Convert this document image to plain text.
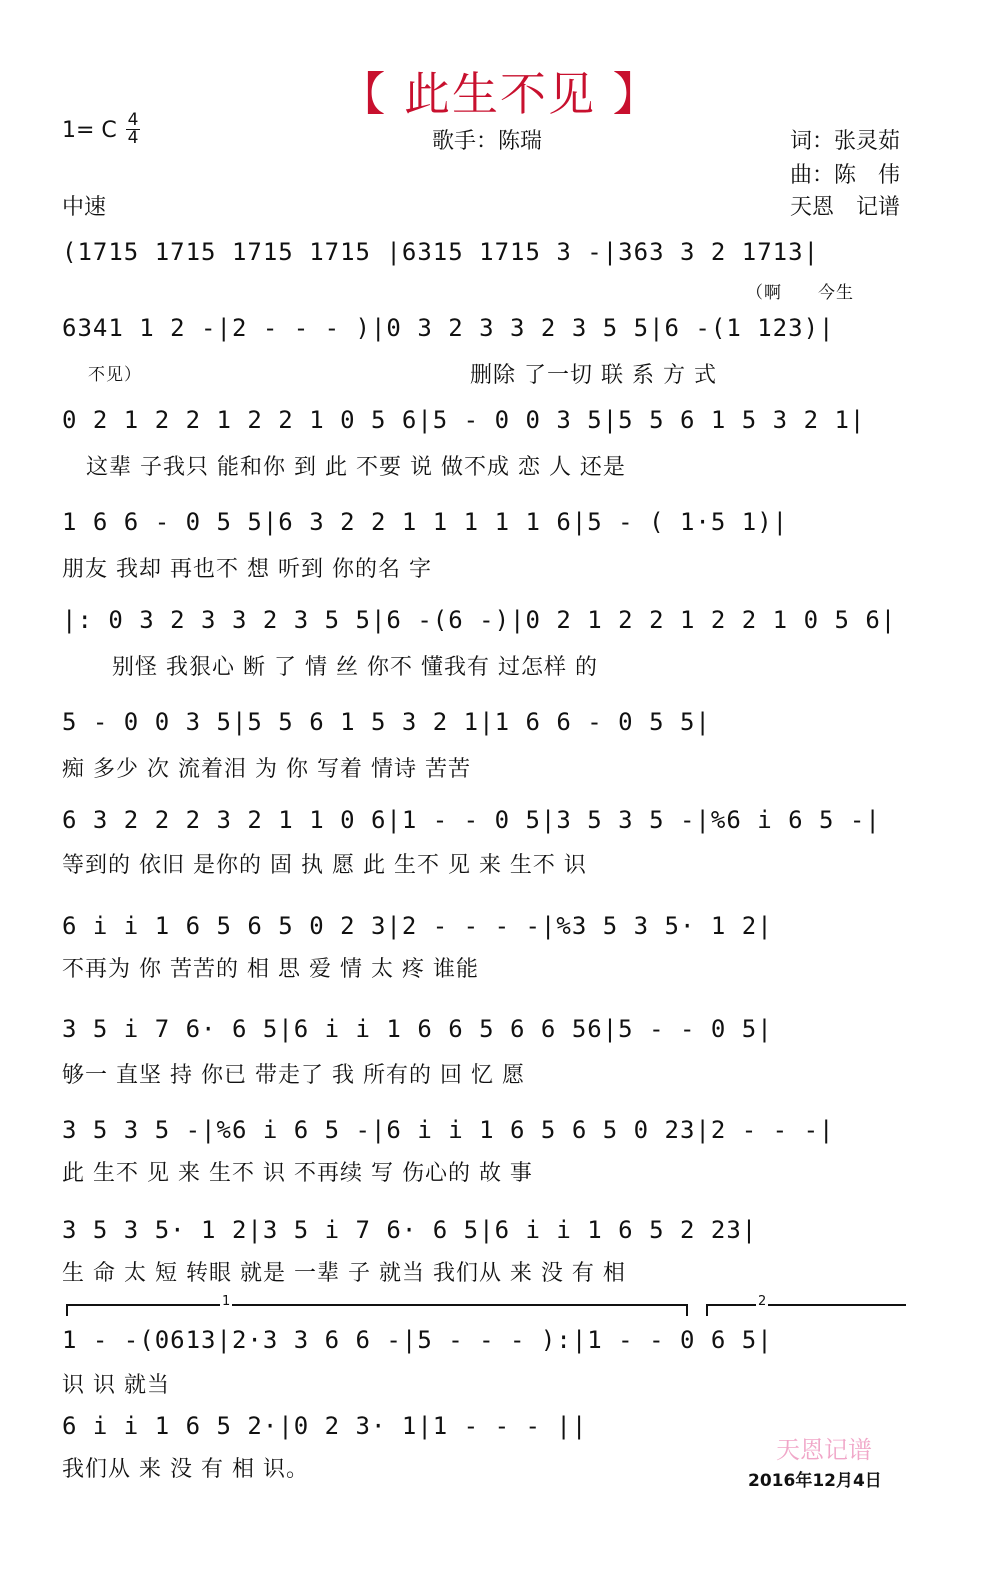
【 此生不见 】
1= C 4
4	歌手：陈瑞	词：张灵茹
曲：陈　伟
中速	天恩　记谱
(1715 1715 1715 1715 |6315 1715 3 -|363 3 2 1713|
（啊　　今生
6341 1 2 -|2 - - - )|0 3 2 3 3 2 3 5 5|6 -(1 123)|
不见）	删除 了一切 联 系 方 式
0 2 1 2 2 1 2 2 1 0 5 6|5 - 0 0 3 5|5 5 6 1 5 3 2 1|
这辈 子我只 能和你 到 此 不要 说 做不成 恋 人 还是
1 6 6 - 0 5 5|6 3 2 2 1 1 1 1 1 6|5 - ( 1·5 1)|
朋友 我却 再也不 想 听到 你的名 字
|: 0 3 2 3 3 2 3 5 5|6 -(6 -)|0 2 1 2 2 1 2 2 1 0 5 6|
别怪 我狠心 断 了 情 丝 你不 懂我有 过怎样 的
5 - 0 0 3 5|5 5 6 1 5 3 2 1|1 6 6 - 0 5 5|
痴 多少 次 流着泪 为 你 写着 情诗 苦苦
6 3 2 2 2 3 2 1 1 0 6|1 - - 0 5|3 5 3 5 -|%6 i 6 5 -|
等到的 依旧 是你的 固 执 愿 此 生不 见 来 生不 识
6 i i 1 6 5 6 5 0 2 3|2 - - - -|%3 5 3 5· 1 2|
不再为 你 苦苦的 相 思 爱 情 太 疼 谁能
3 5 i 7 6· 6 5|6 i i 1 6 6 5 6 6 56|5 - - 0 5|
够一 直坚 持 你已 带走了 我 所有的 回 忆 愿
3 5 3 5 -|%6 i 6 5 -|6 i i 1 6 5 6 5 0 23|2 - - -|
此 生不 见 来 生不 识 不再续 写 伤心的 故 事
3 5 3 5· 1 2|3 5 i 7 6· 6 5|6 i i 1 6 5 2 23|
生 命 太 短 转眼 就是 一辈 子 就当 我们从 来 没 有 相
1	2
1 - -(0613|2·3 3 6 6 -|5 - - - ):|1 - - 0 6 5|
识 识 就当
6 i i 1 6 5 2·|0 2 3· 1|1 - - - ||
我们从 来 没 有 相 识。
天恩记谱
2016年12月4日
